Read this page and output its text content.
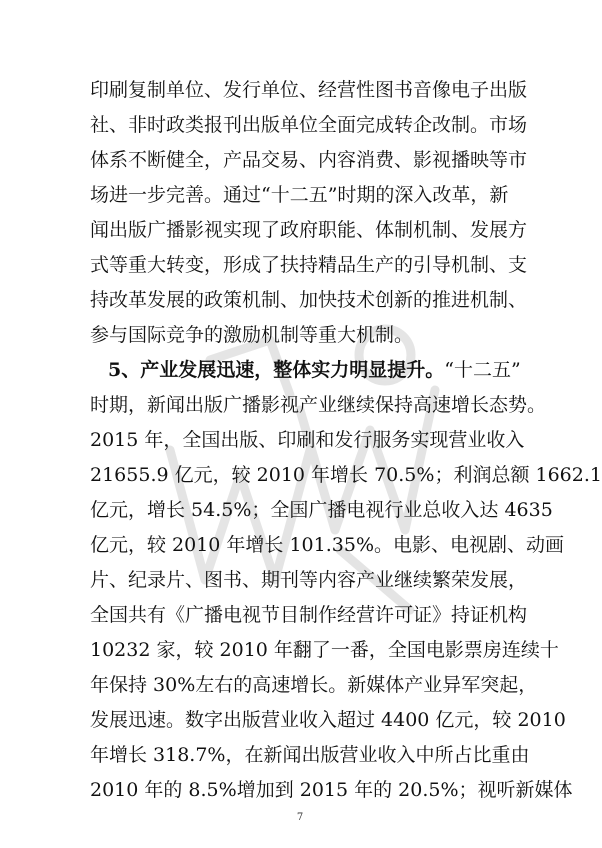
印刷复制单位、发行单位、经营性图书音像电子出版
社、非时政类报刊出版单位全面完成转企改制。市场
体系不断健全，产品交易、内容消费、影视播映等市
场进一步完善。通过“十二五”时期的深入改革，新
闻出版广播影视实现了政府职能、体制机制、发展方
式等重大转变，形成了扶持精品生产的引导机制、支
持改革发展的政策机制、加快技术创新的推进机制、
参与国际竞争的激励机制等重大机制。
5、产业发展迅速，整体实力明显提升。“十二五”
时期，新闻出版广播影视产业继续保持高速增长态势。
2015 年，全国出版、印刷和发行服务实现营业收入
21655.9 亿元，较 2010 年增长 70.5%；利润总额 1662.1
亿元，增长 54.5%；全国广播电视行业总收入达 4635
亿元，较 2010 年增长 101.35%。电影、电视剧、动画
片、纪录片、图书、期刊等内容产业继续繁荣发展，
全国共有《广播电视节目制作经营许可证》持证机构
10232 家，较 2010 年翻了一番，全国电影票房连续十
年保持 30%左右的高速增长。新媒体产业异军突起，
发展迅速。数字出版营业收入超过 4400 亿元，较 2010
年增长 318.7%，在新闻出版营业收入中所占比重由
2010 年的 8.5%增加到 2015 年的 20.5%；视听新媒体
7
